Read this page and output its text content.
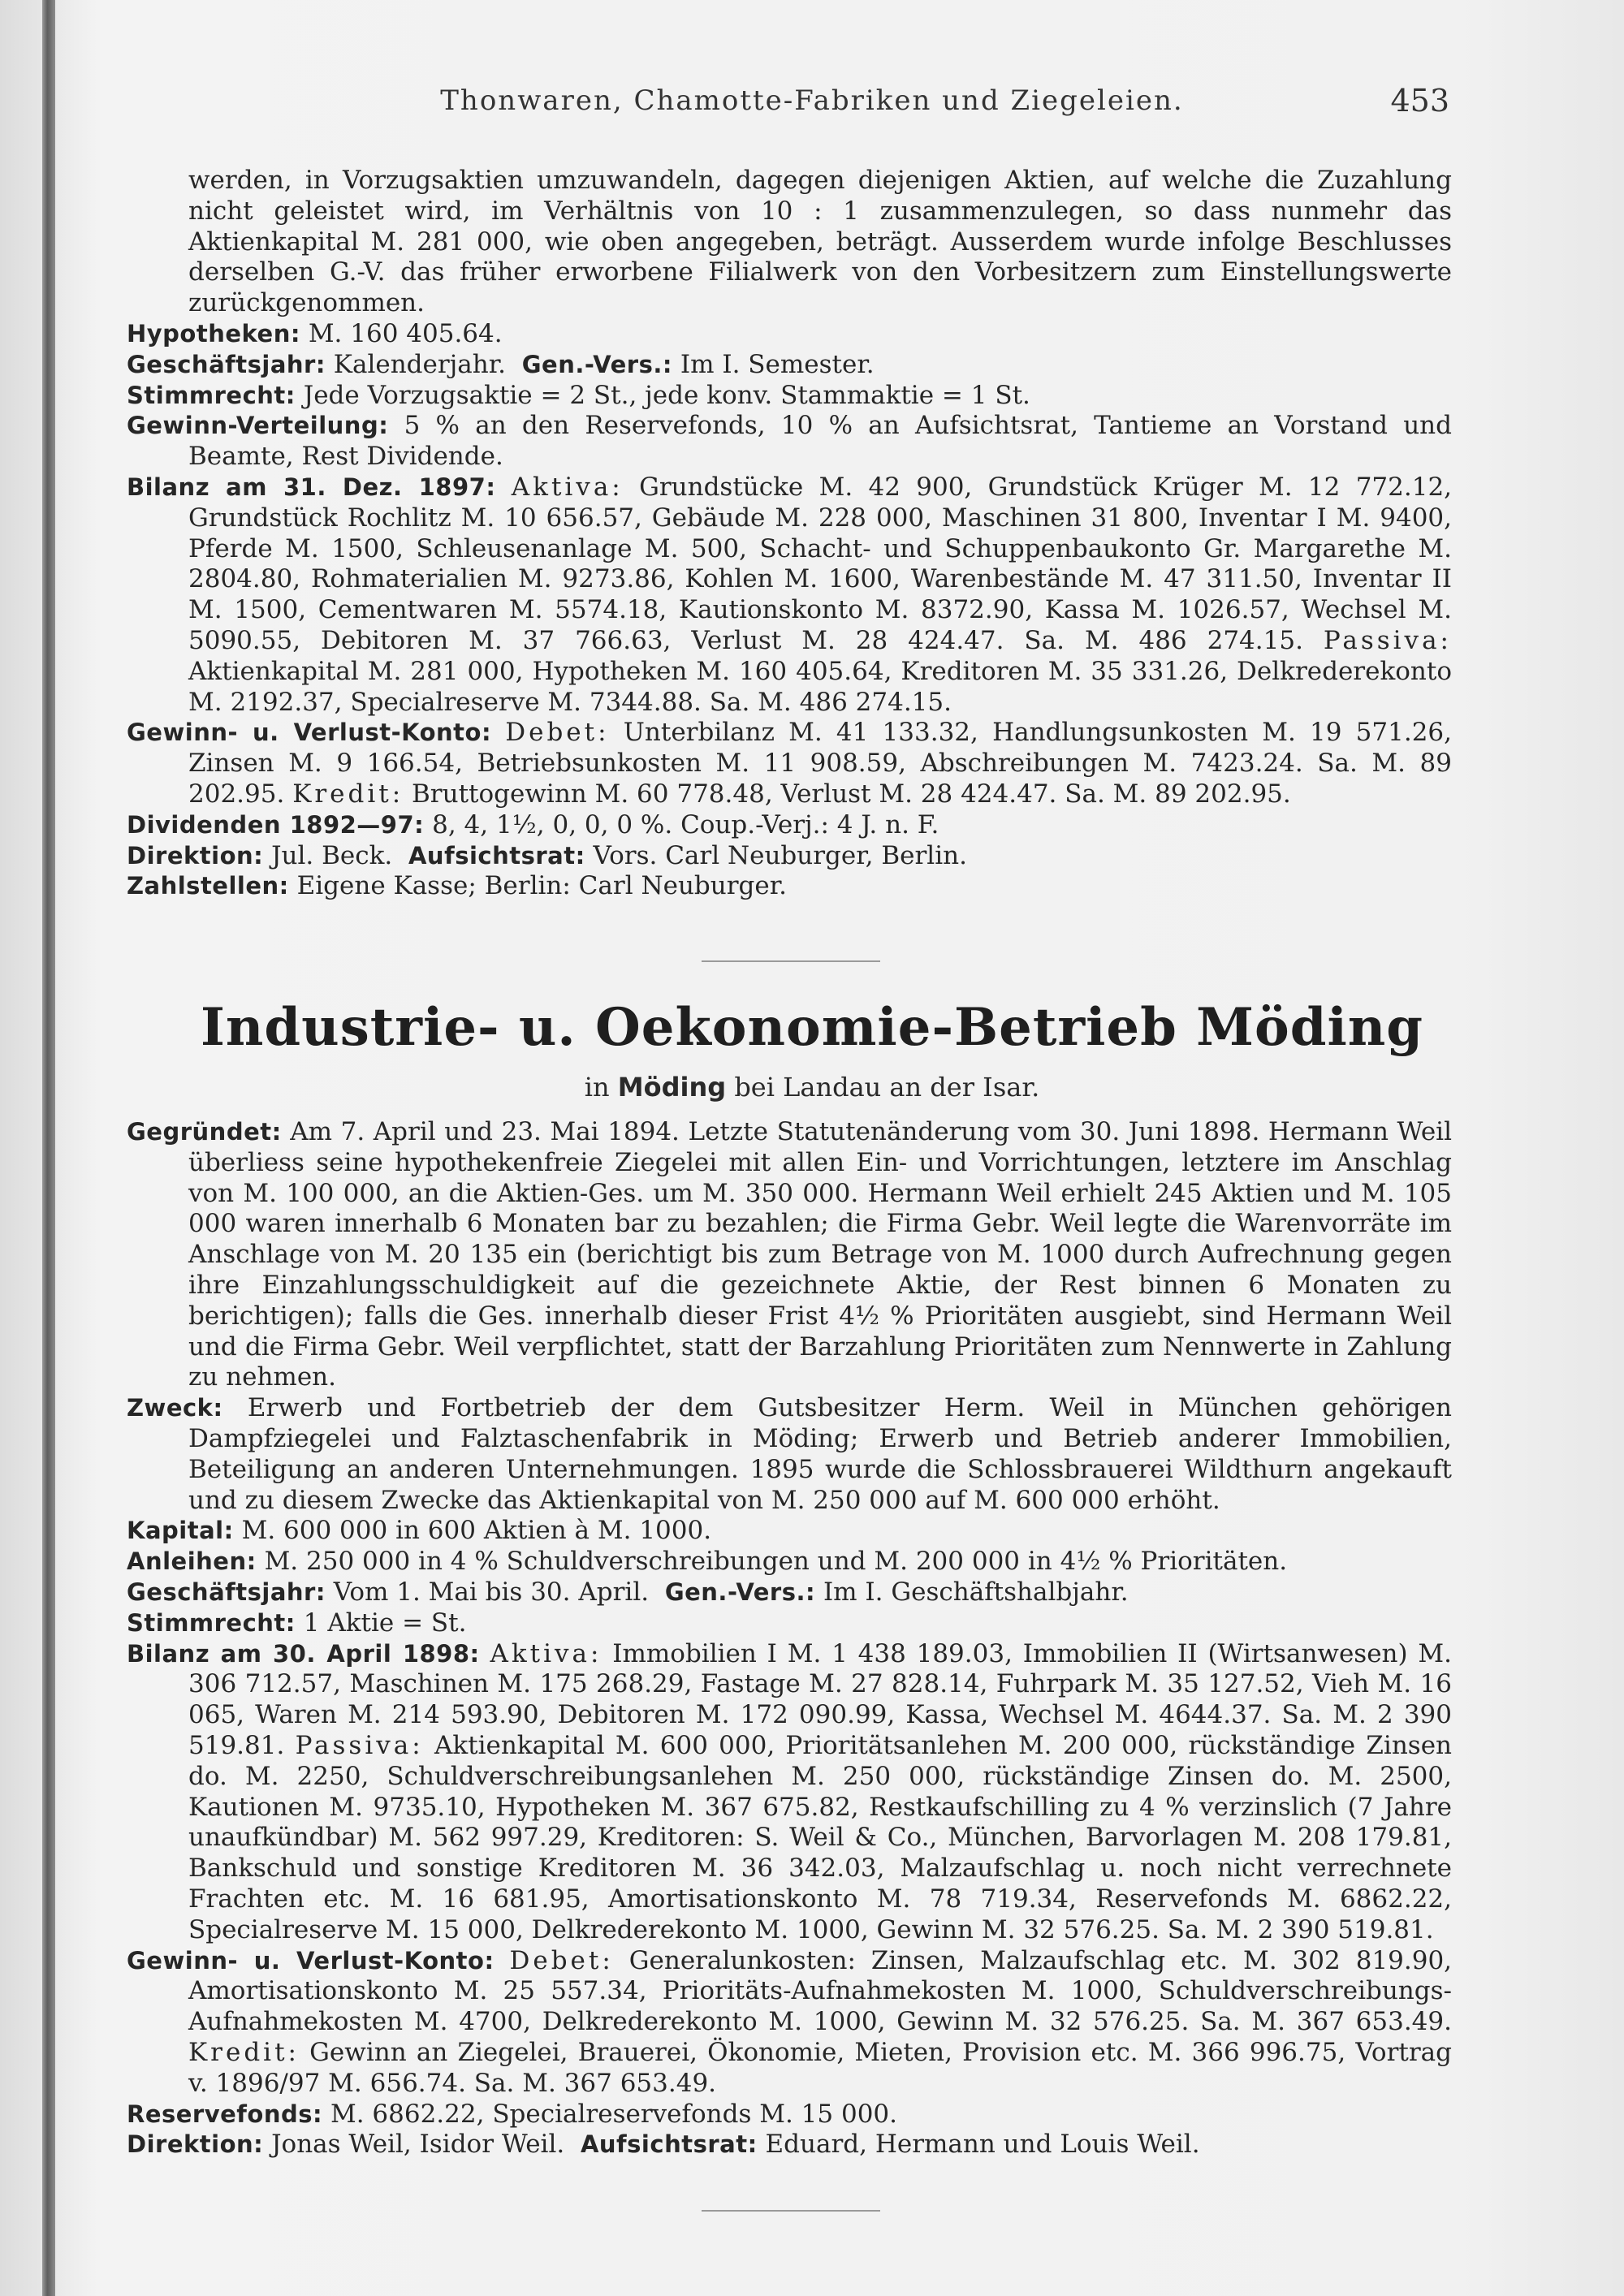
Thonwaren, Chamotte-Fabriken und Ziegeleien.	453

werden, in Vorzugsaktien umzuwandeln, dagegen diejenigen Aktien, auf welche die Zuzahlung nicht geleistet wird, im Verhältnis von 10 : 1 zusammenzulegen, so dass nunmehr das Aktienkapital M. 281 000, wie oben angegeben, beträgt. Ausserdem wurde infolge Beschlusses derselben G.-V. das früher erworbene Filialwerk von den Vorbesitzern zum Einstellungswerte zurückgenommen.

Hypotheken: M. 160 405.64.

Geschäftsjahr: Kalenderjahr. Gen.-Vers.: Im I. Semester.

Stimmrecht: Jede Vorzugsaktie = 2 St., jede konv. Stammaktie = 1 St.

Gewinn-Verteilung: 5 % an den Reservefonds, 10 % an Aufsichtsrat, Tantieme an Vorstand und Beamte, Rest Dividende.

Bilanz am 31. Dez. 1897: Aktiva: Grundstücke M. 42 900, Grundstück Krüger M. 12 772.12, Grundstück Rochlitz M. 10 656.57, Gebäude M. 228 000, Maschinen 31 800, Inventar I M. 9400, Pferde M. 1500, Schleusenanlage M. 500, Schacht- und Schuppenbaukonto Gr. Margarethe M. 2804.80, Rohmaterialien M. 9273.86, Kohlen M. 1600, Warenbestände M. 47 311.50, Inventar II M. 1500, Cementwaren M. 5574.18, Kautionskonto M. 8372.90, Kassa M. 1026.57, Wechsel M. 5090.55, Debitoren M. 37 766.63, Verlust M. 28 424.47. Sa. M. 486 274.15. Passiva: Aktienkapital M. 281 000, Hypotheken M. 160 405.64, Kreditoren M. 35 331.26, Delkrederekonto M. 2192.37, Specialreserve M. 7344.88. Sa. M. 486 274.15.

Gewinn- u. Verlust-Konto: Debet: Unterbilanz M. 41 133.32, Handlungsunkosten M. 19 571.26, Zinsen M. 9 166.54, Betriebsunkosten M. 11 908.59, Abschreibungen M. 7423.24. Sa. M. 89 202.95. Kredit: Bruttogewinn M. 60 778.48, Verlust M. 28 424.47. Sa. M. 89 202.95.

Dividenden 1892—97: 8, 4, 1½, 0, 0, 0 %. Coup.-Verj.: 4 J. n. F.

Direktion: Jul. Beck. Aufsichtsrat: Vors. Carl Neuburger, Berlin.

Zahlstellen: Eigene Kasse; Berlin: Carl Neuburger.

Industrie- u. Oekonomie-Betrieb Möding
in Möding bei Landau an der Isar.

Gegründet: Am 7. April und 23. Mai 1894. Letzte Statutenänderung vom 30. Juni 1898. Hermann Weil überliess seine hypothekenfreie Ziegelei mit allen Ein- und Vorrichtungen, letztere im Anschlag von M. 100 000, an die Aktien-Ges. um M. 350 000. Hermann Weil erhielt 245 Aktien und M. 105 000 waren innerhalb 6 Monaten bar zu bezahlen; die Firma Gebr. Weil legte die Warenvorräte im Anschlage von M. 20 135 ein (berichtigt bis zum Betrage von M. 1000 durch Aufrechnung gegen ihre Einzahlungsschuldigkeit auf die gezeichnete Aktie, der Rest binnen 6 Monaten zu berichtigen); falls die Ges. innerhalb dieser Frist 4½ % Prioritäten ausgiebt, sind Hermann Weil und die Firma Gebr. Weil verpflichtet, statt der Barzahlung Prioritäten zum Nennwerte in Zahlung zu nehmen.

Zweck: Erwerb und Fortbetrieb der dem Gutsbesitzer Herm. Weil in München gehörigen Dampfziegelei und Falztaschenfabrik in Möding; Erwerb und Betrieb anderer Immobilien, Beteiligung an anderen Unternehmungen. 1895 wurde die Schlossbrauerei Wildthurn angekauft und zu diesem Zwecke das Aktienkapital von M. 250 000 auf M. 600 000 erhöht.

Kapital: M. 600 000 in 600 Aktien à M. 1000.

Anleihen: M. 250 000 in 4 % Schuldverschreibungen und M. 200 000 in 4½ % Prioritäten.

Geschäftsjahr: Vom 1. Mai bis 30. April. Gen.-Vers.: Im I. Geschäftshalbjahr.

Stimmrecht: 1 Aktie = St.

Bilanz am 30. April 1898: Aktiva: Immobilien I M. 1 438 189.03, Immobilien II (Wirtsanwesen) M. 306 712.57, Maschinen M. 175 268.29, Fastage M. 27 828.14, Fuhrpark M. 35 127.52, Vieh M. 16 065, Waren M. 214 593.90, Debitoren M. 172 090.99, Kassa, Wechsel M. 4644.37. Sa. M. 2 390 519.81. Passiva: Aktienkapital M. 600 000, Prioritätsanlehen M. 200 000, rückständige Zinsen do. M. 2250, Schuldverschreibungsanlehen M. 250 000, rückständige Zinsen do. M. 2500, Kautionen M. 9735.10, Hypotheken M. 367 675.82, Restkaufschilling zu 4 % verzinslich (7 Jahre unaufkündbar) M. 562 997.29, Kreditoren: S. Weil & Co., München, Barvorlagen M. 208 179.81, Bankschuld und sonstige Kreditoren M. 36 342.03, Malzaufschlag u. noch nicht verrechnete Frachten etc. M. 16 681.95, Amortisationskonto M. 78 719.34, Reservefonds M. 6862.22, Specialreserve M. 15 000, Delkrederekonto M. 1000, Gewinn M. 32 576.25. Sa. M. 2 390 519.81.

Gewinn- u. Verlust-Konto: Debet: Generalunkosten: Zinsen, Malzaufschlag etc. M. 302 819.90, Amortisationskonto M. 25 557.34, Prioritäts-Aufnahmekosten M. 1000, Schuldverschreibungs-Aufnahmekosten M. 4700, Delkrederekonto M. 1000, Gewinn M. 32 576.25. Sa. M. 367 653.49. Kredit: Gewinn an Ziegelei, Brauerei, Ökonomie, Mieten, Provision etc. M. 366 996.75, Vortrag v. 1896/97 M. 656.74. Sa. M. 367 653.49.

Reservefonds: M. 6862.22, Specialreservefonds M. 15 000.

Direktion: Jonas Weil, Isidor Weil. Aufsichtsrat: Eduard, Hermann und Louis Weil.
